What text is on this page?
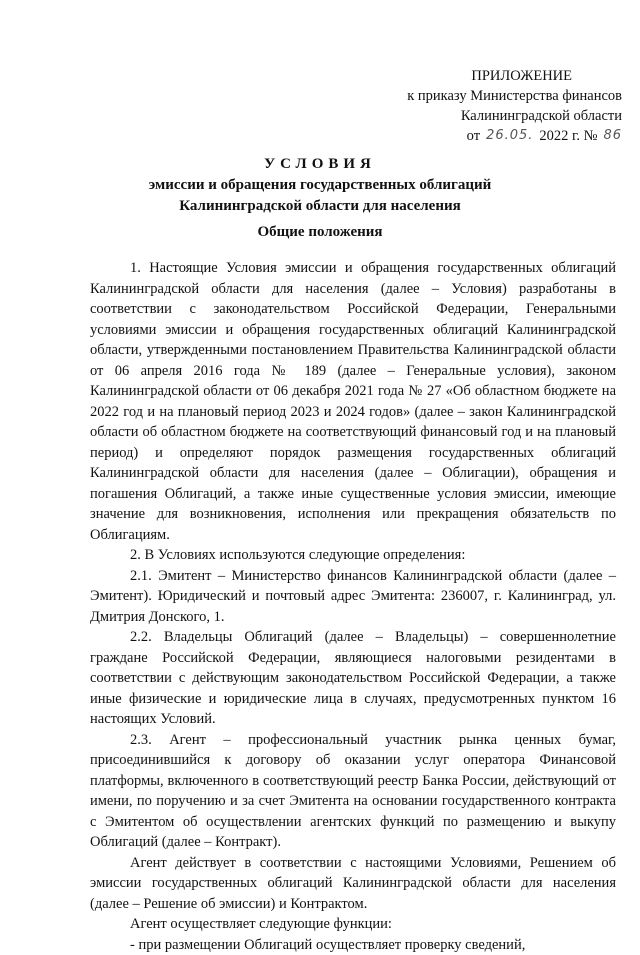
ПРИЛОЖЕНИЕ
к приказу Министерства финансов
Калининградской области
от 26.05. 2022 г. № 86
УСЛОВИЯ
эмиссии и обращения государственных облигаций
Калининградской области для населения
Общие положения

1. Настоящие Условия эмиссии и обращения государственных облигаций Калининградской области для населения (далее – Условия) разработаны в соответствии с законодательством Российской Федерации, Генеральными условиями эмиссии и обращения государственных облигаций Калининградской области, утвержденными постановлением Правительства Калининградской области от 06 апреля 2016 года № 189 (далее – Генеральные условия), законом Калининградской области от 06 декабря 2021 года № 27 «Об областном бюджете на 2022 год и на плановый период 2023 и 2024 годов» (далее – закон Калининградской области об областном бюджете на соответствующий финансовый год и на плановый период) и определяют порядок размещения государственных облигаций Калининградской области для населения (далее – Облигации), обращения и погашения Облигаций, а также иные существенные условия эмиссии, имеющие значение для возникновения, исполнения или прекращения обязательств по Облигациям.

2. В Условиях используются следующие определения:

2.1. Эмитент – Министерство финансов Калининградской области (далее – Эмитент). Юридический и почтовый адрес Эмитента: 236007, г. Калининград, ул. Дмитрия Донского, 1.

2.2. Владельцы Облигаций (далее – Владельцы) – совершеннолетние граждане Российской Федерации, являющиеся налоговыми резидентами в соответствии с действующим законодательством Российской Федерации, а также иные физические и юридические лица в случаях, предусмотренных пунктом 16 настоящих Условий.

2.3. Агент – профессиональный участник рынка ценных бумаг, присоединившийся к договору об оказании услуг оператора Финансовой платформы, включенного в соответствующий реестр Банка России, действующий от имени, по поручению и за счет Эмитента на основании государственного контракта с Эмитентом об осуществлении агентских функций по размещению и выкупу Облигаций (далее – Контракт).

Агент действует в соответствии с настоящими Условиями, Решением об эмиссии государственных облигаций Калининградской области для населения (далее – Решение об эмиссии) и Контрактом.

Агент осуществляет следующие функции:

- при размещении Облигаций осуществляет проверку сведений,
